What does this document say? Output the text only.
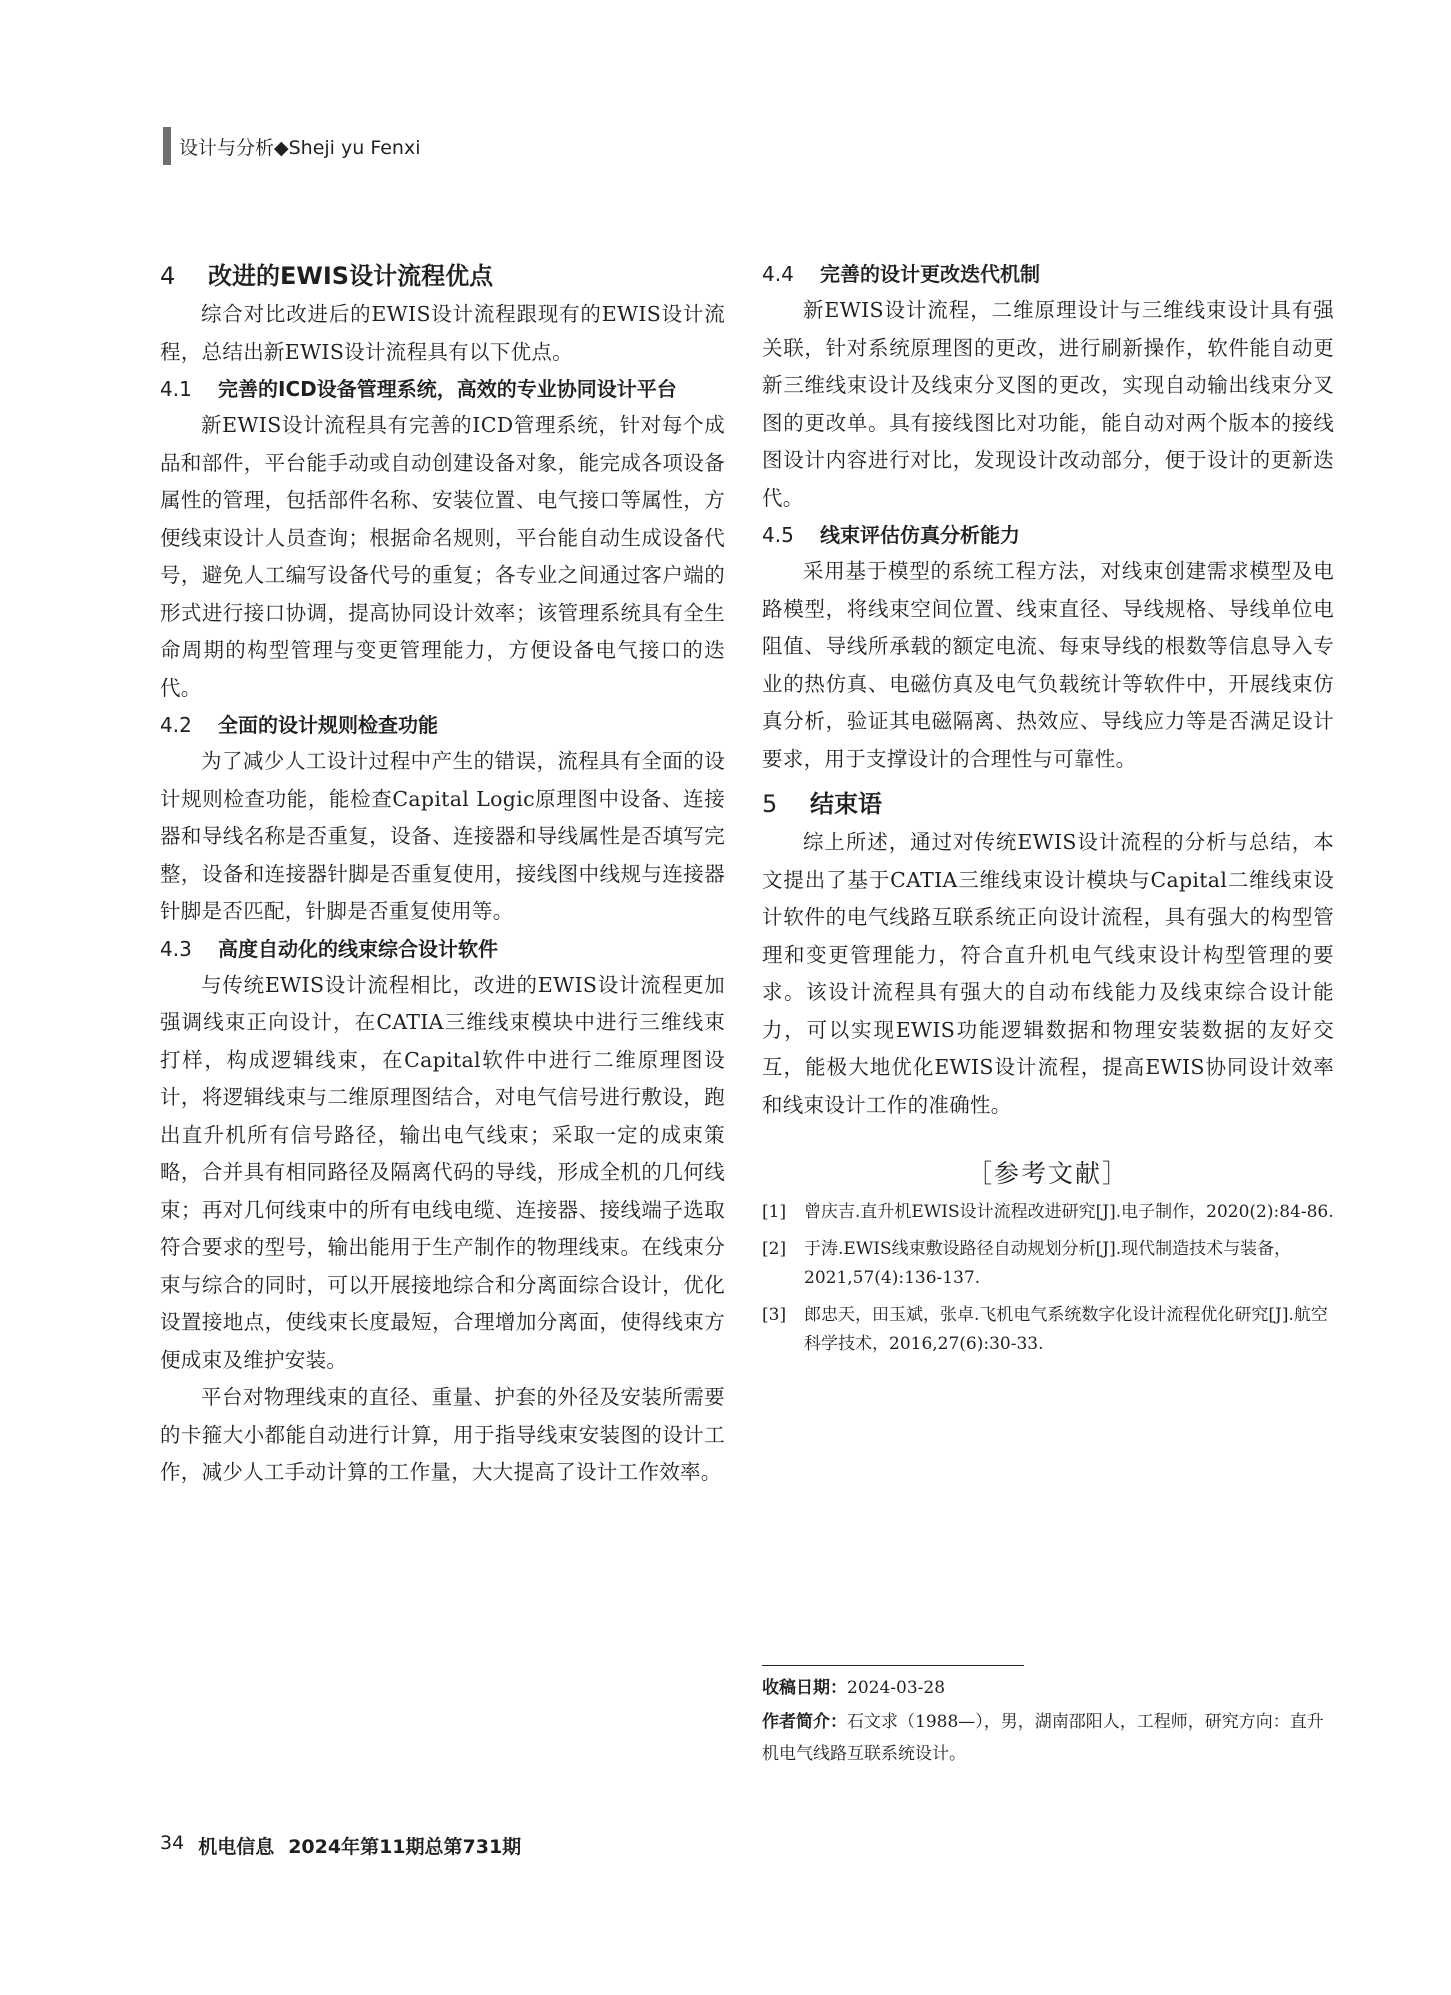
设计与分析◆Sheji yu Fenxi
4	改进的EWIS设计流程优点

综合对比改进后的EWIS设计流程跟现有的EWIS设计流程，总结出新EWIS设计流程具有以下优点。

4.1	完善的ICD设备管理系统，高效的专业协同设计平台

新EWIS设计流程具有完善的ICD管理系统，针对每个成品和部件，平台能手动或自动创建设备对象，能完成各项设备属性的管理，包括部件名称、安装位置、电气接口等属性，方便线束设计人员查询；根据命名规则，平台能自动生成设备代号，避免人工编写设备代号的重复；各专业之间通过客户端的形式进行接口协调，提高协同设计效率；该管理系统具有全生命周期的构型管理与变更管理能力，方便设备电气接口的迭代。

4.2	全面的设计规则检查功能

为了减少人工设计过程中产生的错误，流程具有全面的设计规则检查功能，能检查Capital Logic原理图中设备、连接器和导线名称是否重复，设备、连接器和导线属性是否填写完整，设备和连接器针脚是否重复使用，接线图中线规与连接器针脚是否匹配，针脚是否重复使用等。

4.3	高度自动化的线束综合设计软件

与传统EWIS设计流程相比，改进的EWIS设计流程更加强调线束正向设计，在CATIA三维线束模块中进行三维线束打样，构成逻辑线束，在Capital软件中进行二维原理图设计，将逻辑线束与二维原理图结合，对电气信号进行敷设，跑出直升机所有信号路径，输出电气线束；采取一定的成束策略，合并具有相同路径及隔离代码的导线，形成全机的几何线束；再对几何线束中的所有电线电缆、连接器、接线端子选取符合要求的型号，输出能用于生产制作的物理线束。在线束分束与综合的同时，可以开展接地综合和分离面综合设计，优化设置接地点，使线束长度最短，合理增加分离面，使得线束方便成束及维护安装。

平台对物理线束的直径、重量、护套的外径及安装所需要的卡箍大小都能自动进行计算，用于指导线束安装图的设计工作，减少人工手动计算的工作量，大大提高了设计工作效率。

4.4	完善的设计更改迭代机制

新EWIS设计流程，二维原理设计与三维线束设计具有强关联，针对系统原理图的更改，进行刷新操作，软件能自动更新三维线束设计及线束分叉图的更改，实现自动输出线束分叉图的更改单。具有接线图比对功能，能自动对两个版本的接线图设计内容进行对比，发现设计改动部分，便于设计的更新迭代。

4.5	线束评估仿真分析能力

采用基于模型的系统工程方法，对线束创建需求模型及电路模型，将线束空间位置、线束直径、导线规格、导线单位电阻值、导线所承载的额定电流、每束导线的根数等信息导入专业的热仿真、电磁仿真及电气负载统计等软件中，开展线束仿真分析，验证其电磁隔离、热效应、导线应力等是否满足设计要求，用于支撑设计的合理性与可靠性。

5	结束语

综上所述，通过对传统EWIS设计流程的分析与总结，本文提出了基于CATIA三维线束设计模块与Capital二维线束设计软件的电气线路互联系统正向设计流程，具有强大的构型管理和变更管理能力，符合直升机电气线束设计构型管理的要求。该设计流程具有强大的自动布线能力及线束综合设计能力，可以实现EWIS功能逻辑数据和物理安装数据的友好交互，能极大地优化EWIS设计流程，提高EWIS协同设计效率和线束设计工作的准确性。

［参考文献］
[1]	曾庆吉.直升机EWIS设计流程改进研究[J].电子制作，2020(2):84-86.
[2]	于涛.EWIS线束敷设路径自动规划分析[J].现代制造技术与装备，2021,57(4):136-137.
[3]	郎忠天，田玉斌，张卓.飞机电气系统数字化设计流程优化研究[J].航空科学技术，2016,27(6):30-33.
收稿日期：2024-03-28
作者简介：石文求（1988—），男，湖南邵阳人，工程师，研究方向：直升机电气线路互联系统设计。
34 机电信息 2024年第11期总第731期
